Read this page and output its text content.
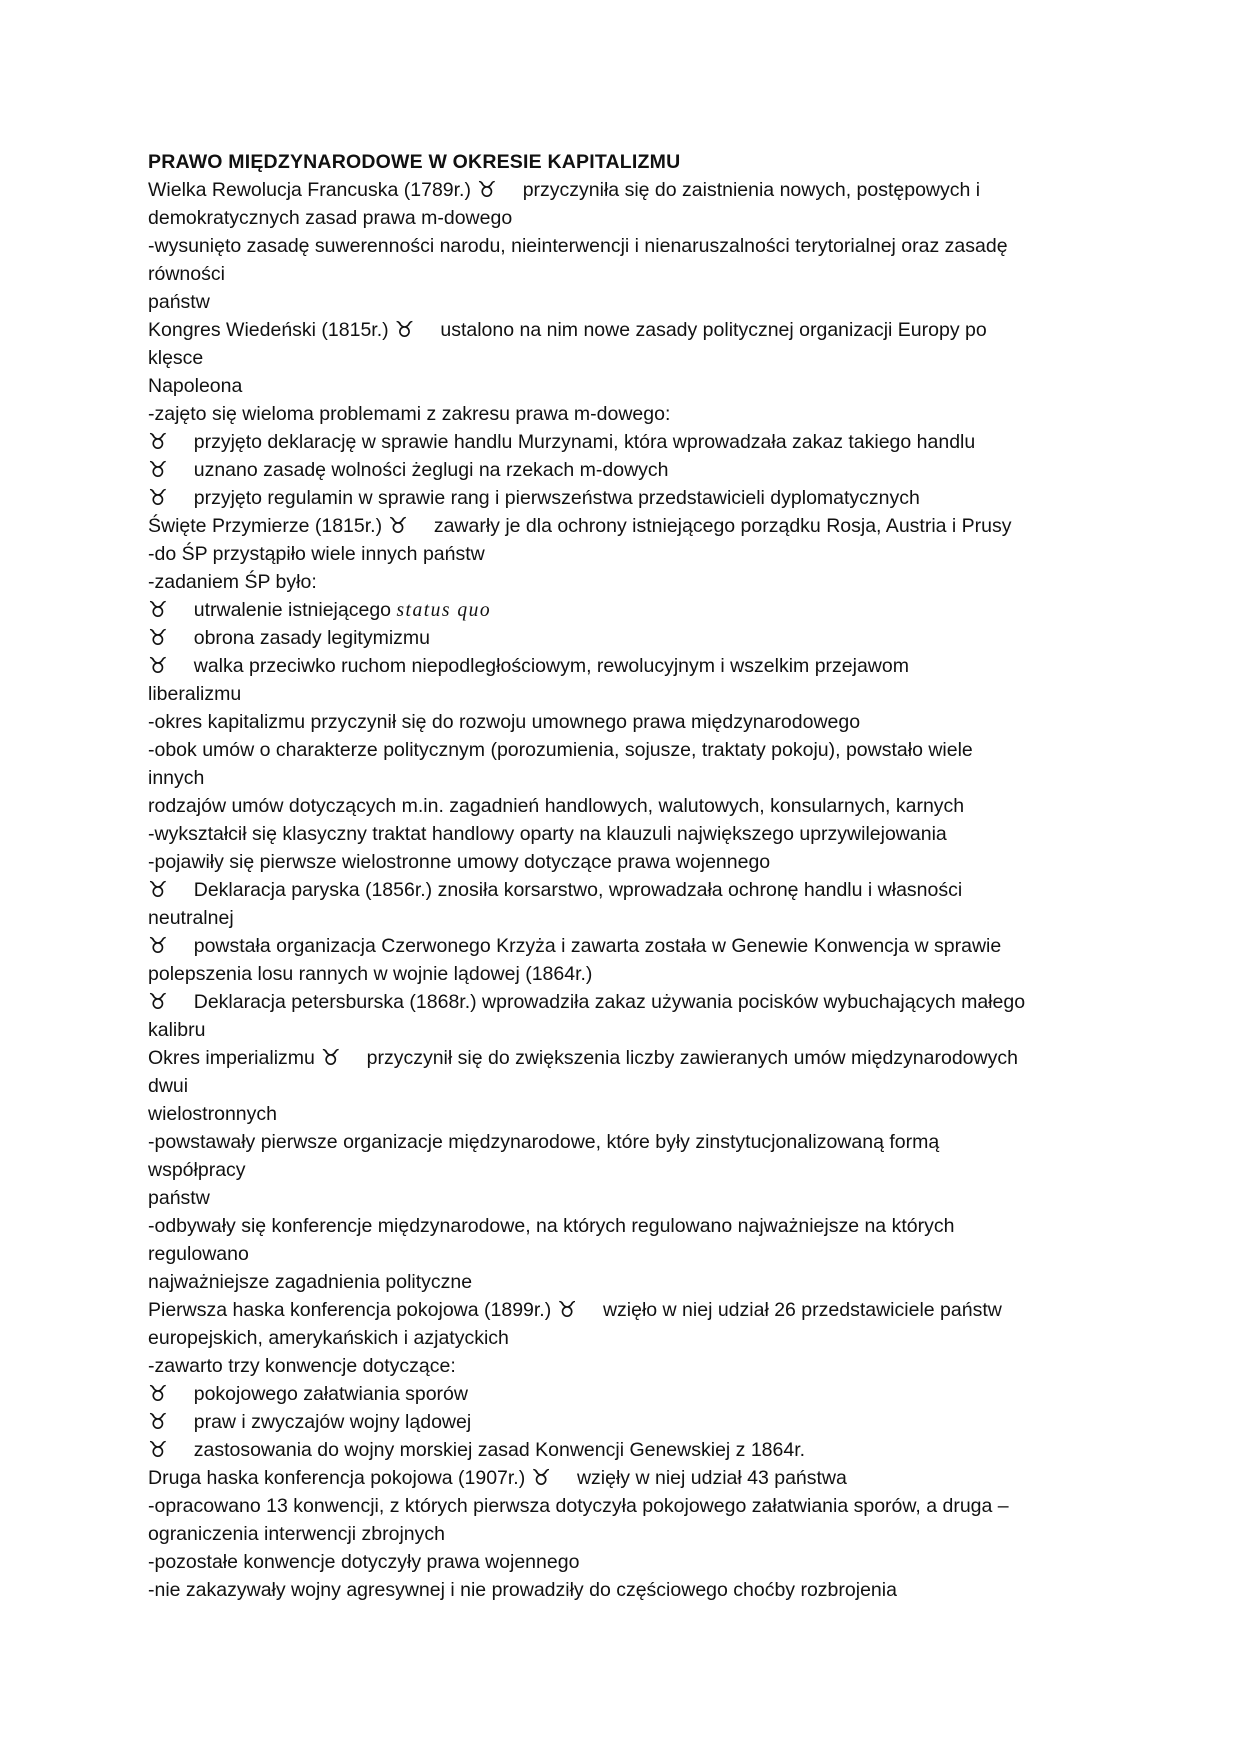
PRAWO MIĘDZYNARODOWE W OKRESIE KAPITALIZMU
Wielka Rewolucja Francuska (1789r.) ♉ przyczyniła się do zaistnienia nowych, postępowych i
demokratycznych zasad prawa m-dowego
-wysunięto zasadę suwerenności narodu, nieinterwencji i nienaruszalności terytorialnej oraz zasadę
równości
państw
Kongres Wiedeński (1815r.) ♉ ustalono na nim nowe zasady politycznej organizacji Europy po
klęsce
Napoleona
-zajęto się wieloma problemami z zakresu prawa m-dowego:
♉ przyjęto deklarację w sprawie handlu Murzynami, która wprowadzała zakaz takiego handlu
♉ uznano zasadę wolności żeglugi na rzekach m-dowych
♉ przyjęto regulamin w sprawie rang i pierwszeństwa przedstawicieli dyplomatycznych
Święte Przymierze (1815r.) ♉ zawarły je dla ochrony istniejącego porządku Rosja, Austria i Prusy
-do ŚP przystąpiło wiele innych państw
-zadaniem ŚP było:
♉ utrwalenie istniejącego status quo
♉ obrona zasady legitymizmu
♉ walka przeciwko ruchom niepodległościowym, rewolucyjnym i wszelkim przejawom
liberalizmu
-okres kapitalizmu przyczynił się do rozwoju umownego prawa międzynarodowego
-obok umów o charakterze politycznym (porozumienia, sojusze, traktaty pokoju), powstało wiele
innych
rodzajów umów dotyczących m.in. zagadnień handlowych, walutowych, konsularnych, karnych
-wykształcił się klasyczny traktat handlowy oparty na klauzuli największego uprzywilejowania
-pojawiły się pierwsze wielostronne umowy dotyczące prawa wojennego
♉ Deklaracja paryska (1856r.) znosiła korsarstwo, wprowadzała ochronę handlu i własności
neutralnej
♉ powstała organizacja Czerwonego Krzyża i zawarta została w Genewie Konwencja w sprawie
polepszenia losu rannych w wojnie lądowej (1864r.)
♉ Deklaracja petersburska (1868r.) wprowadziła zakaz używania pocisków wybuchających małego
kalibru
Okres imperializmu ♉ przyczynił się do zwiększenia liczby zawieranych umów międzynarodowych
dwui
wielostronnych
-powstawały pierwsze organizacje międzynarodowe, które były zinstytucjonalizowaną formą
współpracy
państw
-odbywały się konferencje międzynarodowe, na których regulowano najważniejsze na których
regulowano
najważniejsze zagadnienia polityczne
Pierwsza haska konferencja pokojowa (1899r.) ♉ wzięło w niej udział 26 przedstawiciele państw
europejskich, amerykańskich i azjatyckich
-zawarto trzy konwencje dotyczące:
♉ pokojowego załatwiania sporów
♉ praw i zwyczajów wojny lądowej
♉ zastosowania do wojny morskiej zasad Konwencji Genewskiej z 1864r.
Druga haska konferencja pokojowa (1907r.) ♉ wzięły w niej udział 43 państwa
-opracowano 13 konwencji, z których pierwsza dotyczyła pokojowego załatwiania sporów, a druga –
ograniczenia interwencji zbrojnych
-pozostałe konwencje dotyczyły prawa wojennego
-nie zakazywały wojny agresywnej i nie prowadziły do częściowego choćby rozbrojenia
